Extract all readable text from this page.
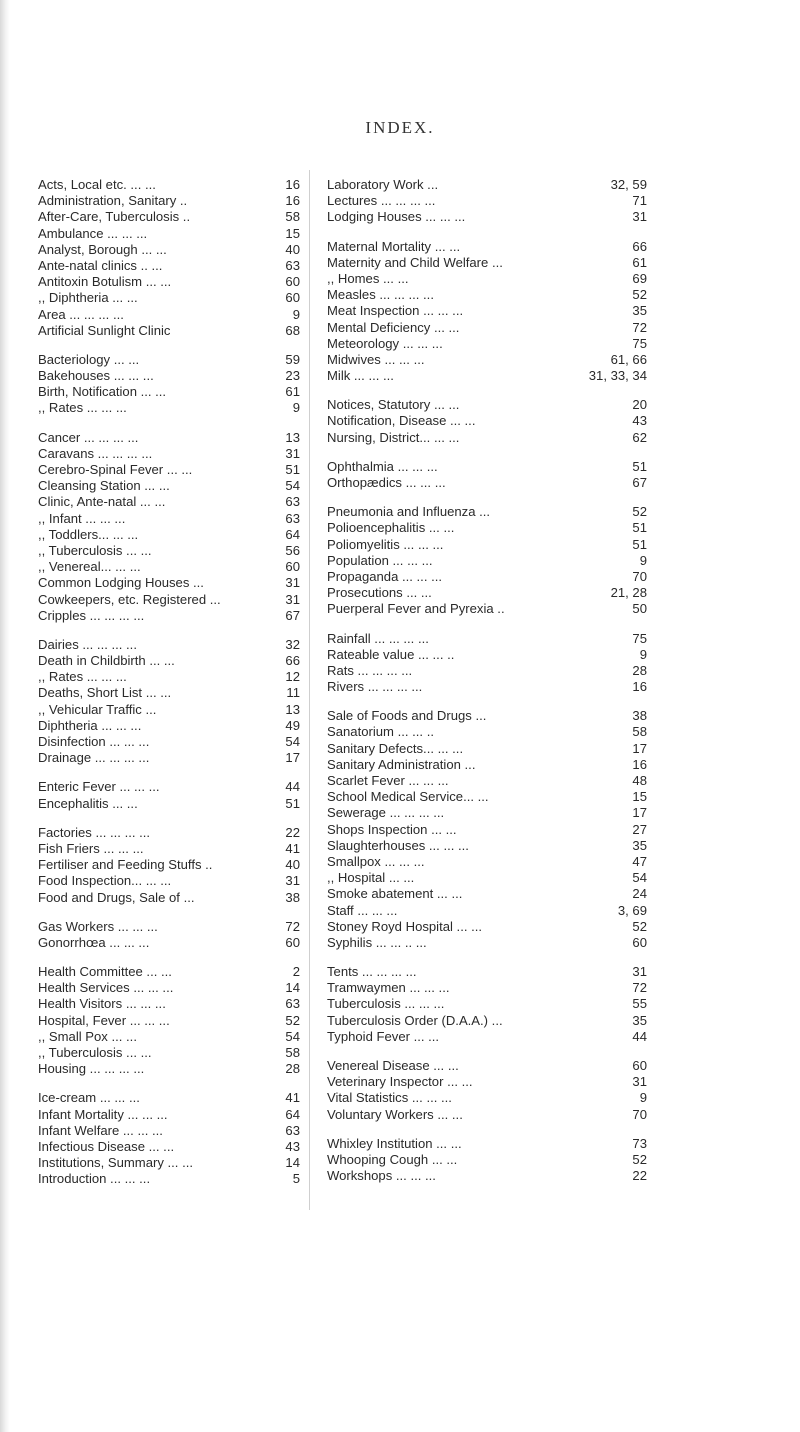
INDEX.
Acts, Local etc. ... ...	16
Administration, Sanitary ..	16
After-Care, Tuberculosis ..	58
Ambulance ... ... ...	15
Analyst, Borough ... ...	40
Ante-natal clinics .. ...	63
Antitoxin Botulism ... ...	60
,, Diphtheria ... ...	60
Area ... ... ... ...	9
Artificial Sunlight Clinic	68
Bacteriology ... ...	59
Bakehouses ... ... ...	23
Birth, Notification ... ...	61
,, Rates ... ... ...	9
Cancer ... ... ... ...	13
Caravans ... ... ... ...	31
Cerebro-Spinal Fever ... ...	51
Cleansing Station ... ...	54
Clinic, Ante-natal ... ...	63
,, Infant ... ... ...	63
,, Toddlers... ... ...	64
,, Tuberculosis ... ...	56
,, Venereal... ... ...	60
Common Lodging Houses ...	31
Cowkeepers, etc. Registered ...	31
Cripples ... ... ... ...	67
Dairies ... ... ... ...	32
Death in Childbirth ... ...	66
,, Rates ... ... ...	12
Deaths, Short List ... ...	11
,, Vehicular Traffic ...	13
Diphtheria ... ... ...	49
Disinfection ... ... ...	54
Drainage ... ... ... ...	17
Enteric Fever ... ... ...	44
Encephalitis ... ...	51
Factories ... ... ... ...	22
Fish Friers ... ... ...	41
Fertiliser and Feeding Stuffs ..	40
Food Inspection... ... ...	31
Food and Drugs, Sale of ...	38
Gas Workers ... ... ...	72
Gonorrhœa ... ... ...	60
Health Committee ... ...	2
Health Services ... ... ...	14
Health Visitors ... ... ...	63
Hospital, Fever ... ... ...	52
,, Small Pox ... ...	54
,, Tuberculosis ... ...	58
Housing ... ... ... ...	28
Ice-cream ... ... ...	41
Infant Mortality ... ... ...	64
Infant Welfare ... ... ...	63
Infectious Disease ... ...	43
Institutions, Summary ... ...	14
Introduction ... ... ...	5
Laboratory Work ...	32, 59
Lectures ... ... ... ...	71
Lodging Houses ... ... ...	31
Maternal Mortality ... ...	66
Maternity and Child Welfare ...	61
,, Homes ... ...	69
Measles ... ... ... ...	52
Meat Inspection ... ... ...	35
Mental Deficiency ... ...	72
Meteorology ... ... ...	75
Midwives ... ... ...	61, 66
Milk ... ... ...	31, 33, 34
Notices, Statutory ... ...	20
Notification, Disease ... ...	43
Nursing, District... ... ...	62
Ophthalmia ... ... ...	51
Orthopædics ... ... ...	67
Pneumonia and Influenza ...	52
Polioencephalitis ... ...	51
Poliomyelitis ... ... ...	51
Population ... ... ...	9
Propaganda ... ... ...	70
Prosecutions ... ...	21, 28
Puerperal Fever and Pyrexia ..	50
Rainfall ... ... ... ...	75
Rateable value ... ... ..	9
Rats ... ... ... ...	28
Rivers ... ... ... ...	16
Sale of Foods and Drugs ...	38
Sanatorium ... ... ..	58
Sanitary Defects... ... ...	17
Sanitary Administration ...	16
Scarlet Fever ... ... ...	48
School Medical Service... ...	15
Sewerage ... ... ... ...	17
Shops Inspection ... ...	27
Slaughterhouses ... ... ...	35
Smallpox ... ... ...	47
,, Hospital ... ...	54
Smoke abatement ... ...	24
Staff ... ... ...	3, 69
Stoney Royd Hospital ... ...	52
Syphilis ... ... .. ...	60
Tents ... ... ... ...	31
Tramwaymen ... ... ...	72
Tuberculosis ... ... ...	55
Tuberculosis Order (D.A.A.) ...	35
Typhoid Fever ... ...	44
Venereal Disease ... ...	60
Veterinary Inspector ... ...	31
Vital Statistics ... ... ...	9
Voluntary Workers ... ...	70
Whixley Institution ... ...	73
Whooping Cough ... ...	52
Workshops ... ... ...	22
